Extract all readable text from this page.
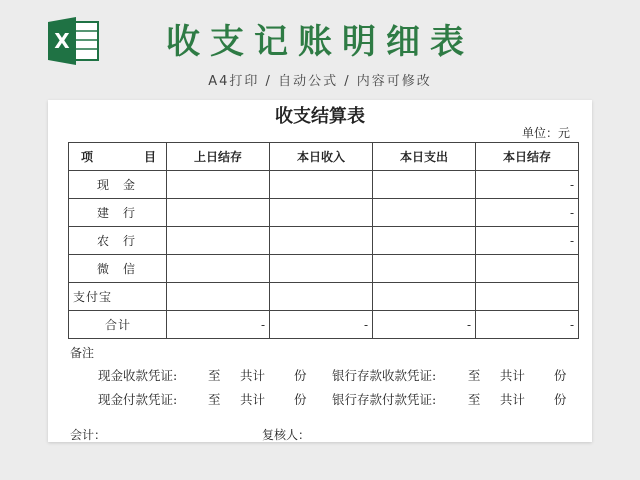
X	收支记账明细表
A4打印 / 自动公式 / 内容可修改
收支结算表
单位：元
项 目	上日结存	本日收入	本日支出	本日结存
现金				-
建行				-
农行				-
微信				
支付宝				
合计	-	-	-	-
备注
现金收款凭证: 至 共计 份 银行存款收款凭证:	至 共计 份
现金付款凭证: 至 共计 份 银行存款付款凭证:	至 共计 份
会计：	复核人：
